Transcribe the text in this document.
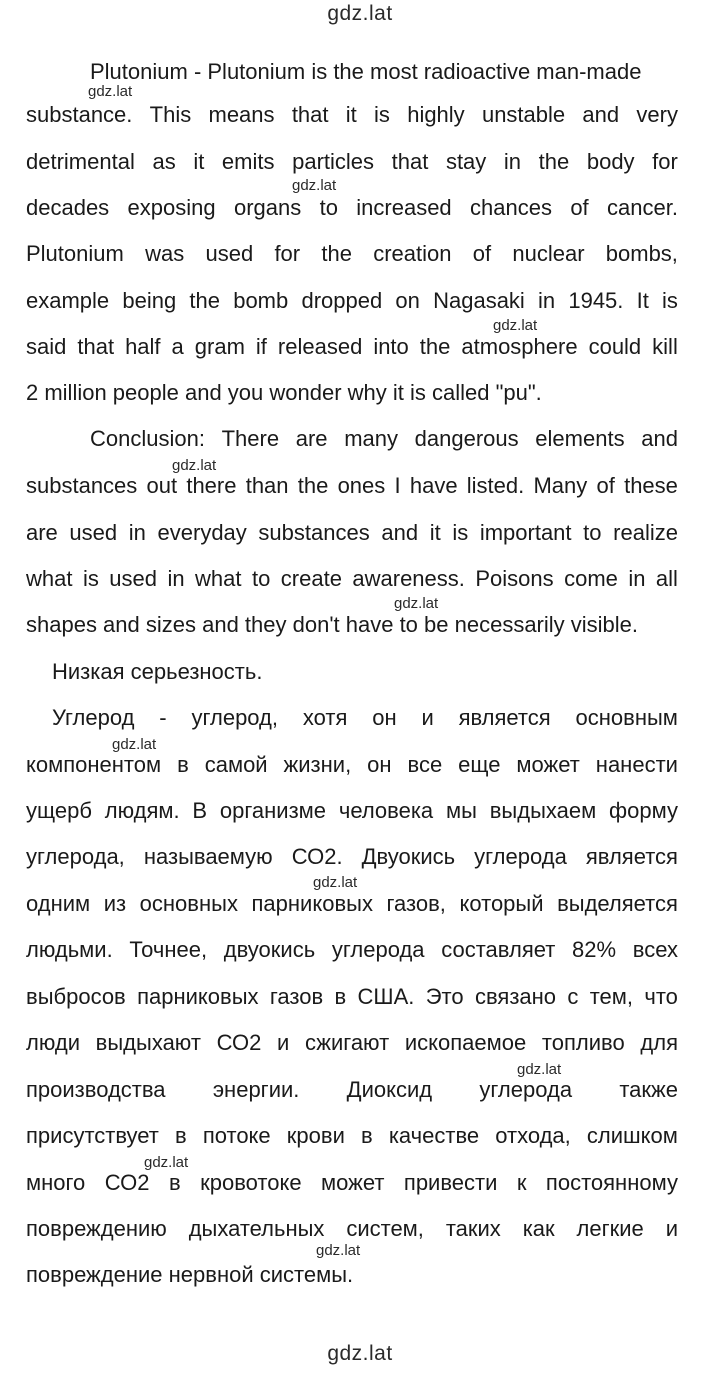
gdz.lat
Plutonium - Plutonium is the most radioactive man-made
substance. This means that it is highly unstable and very
detrimental as it emits particles that stay in the body for
decades exposing organs to increased chances of cancer.
Plutonium was used for the creation of nuclear bombs,
example being the bomb dropped on Nagasaki in 1945. It is
said that half a gram if released into the atmosphere could kill
2 million people and you wonder why it is called "pu".
Conclusion: There are many dangerous elements and
substances out there than the ones I have listed. Many of these
are used in everyday substances and it is important to realize
what is used in what to create awareness. Poisons come in all
shapes and sizes and they don't have to be necessarily visible.
Низкая серьезность.
Углерод - углерод, хотя он и является основным
компонентом в самой жизни, он все еще может нанести
ущерб людям. В организме человека мы выдыхаем форму
углерода, называемую СО2. Двуокись углерода является
одним из основных парниковых газов, который выделяется
людьми. Точнее, двуокись углерода составляет 82% всех
выбросов парниковых газов в США. Это связано с тем, что
люди выдыхают СО2 и сжигают ископаемое топливо для
производства энергии. Диоксид углерода также
присутствует в потоке крови в качестве отхода, слишком
много СО2 в кровотоке может привести к постоянному
повреждению дыхательных систем, таких как легкие и
повреждение нервной системы.
gdz.lat
gdz.lat
gdz.lat
gdz.lat
gdz.lat
gdz.lat
gdz.lat
gdz.lat
gdz.lat
gdz.lat
gdz.lat
